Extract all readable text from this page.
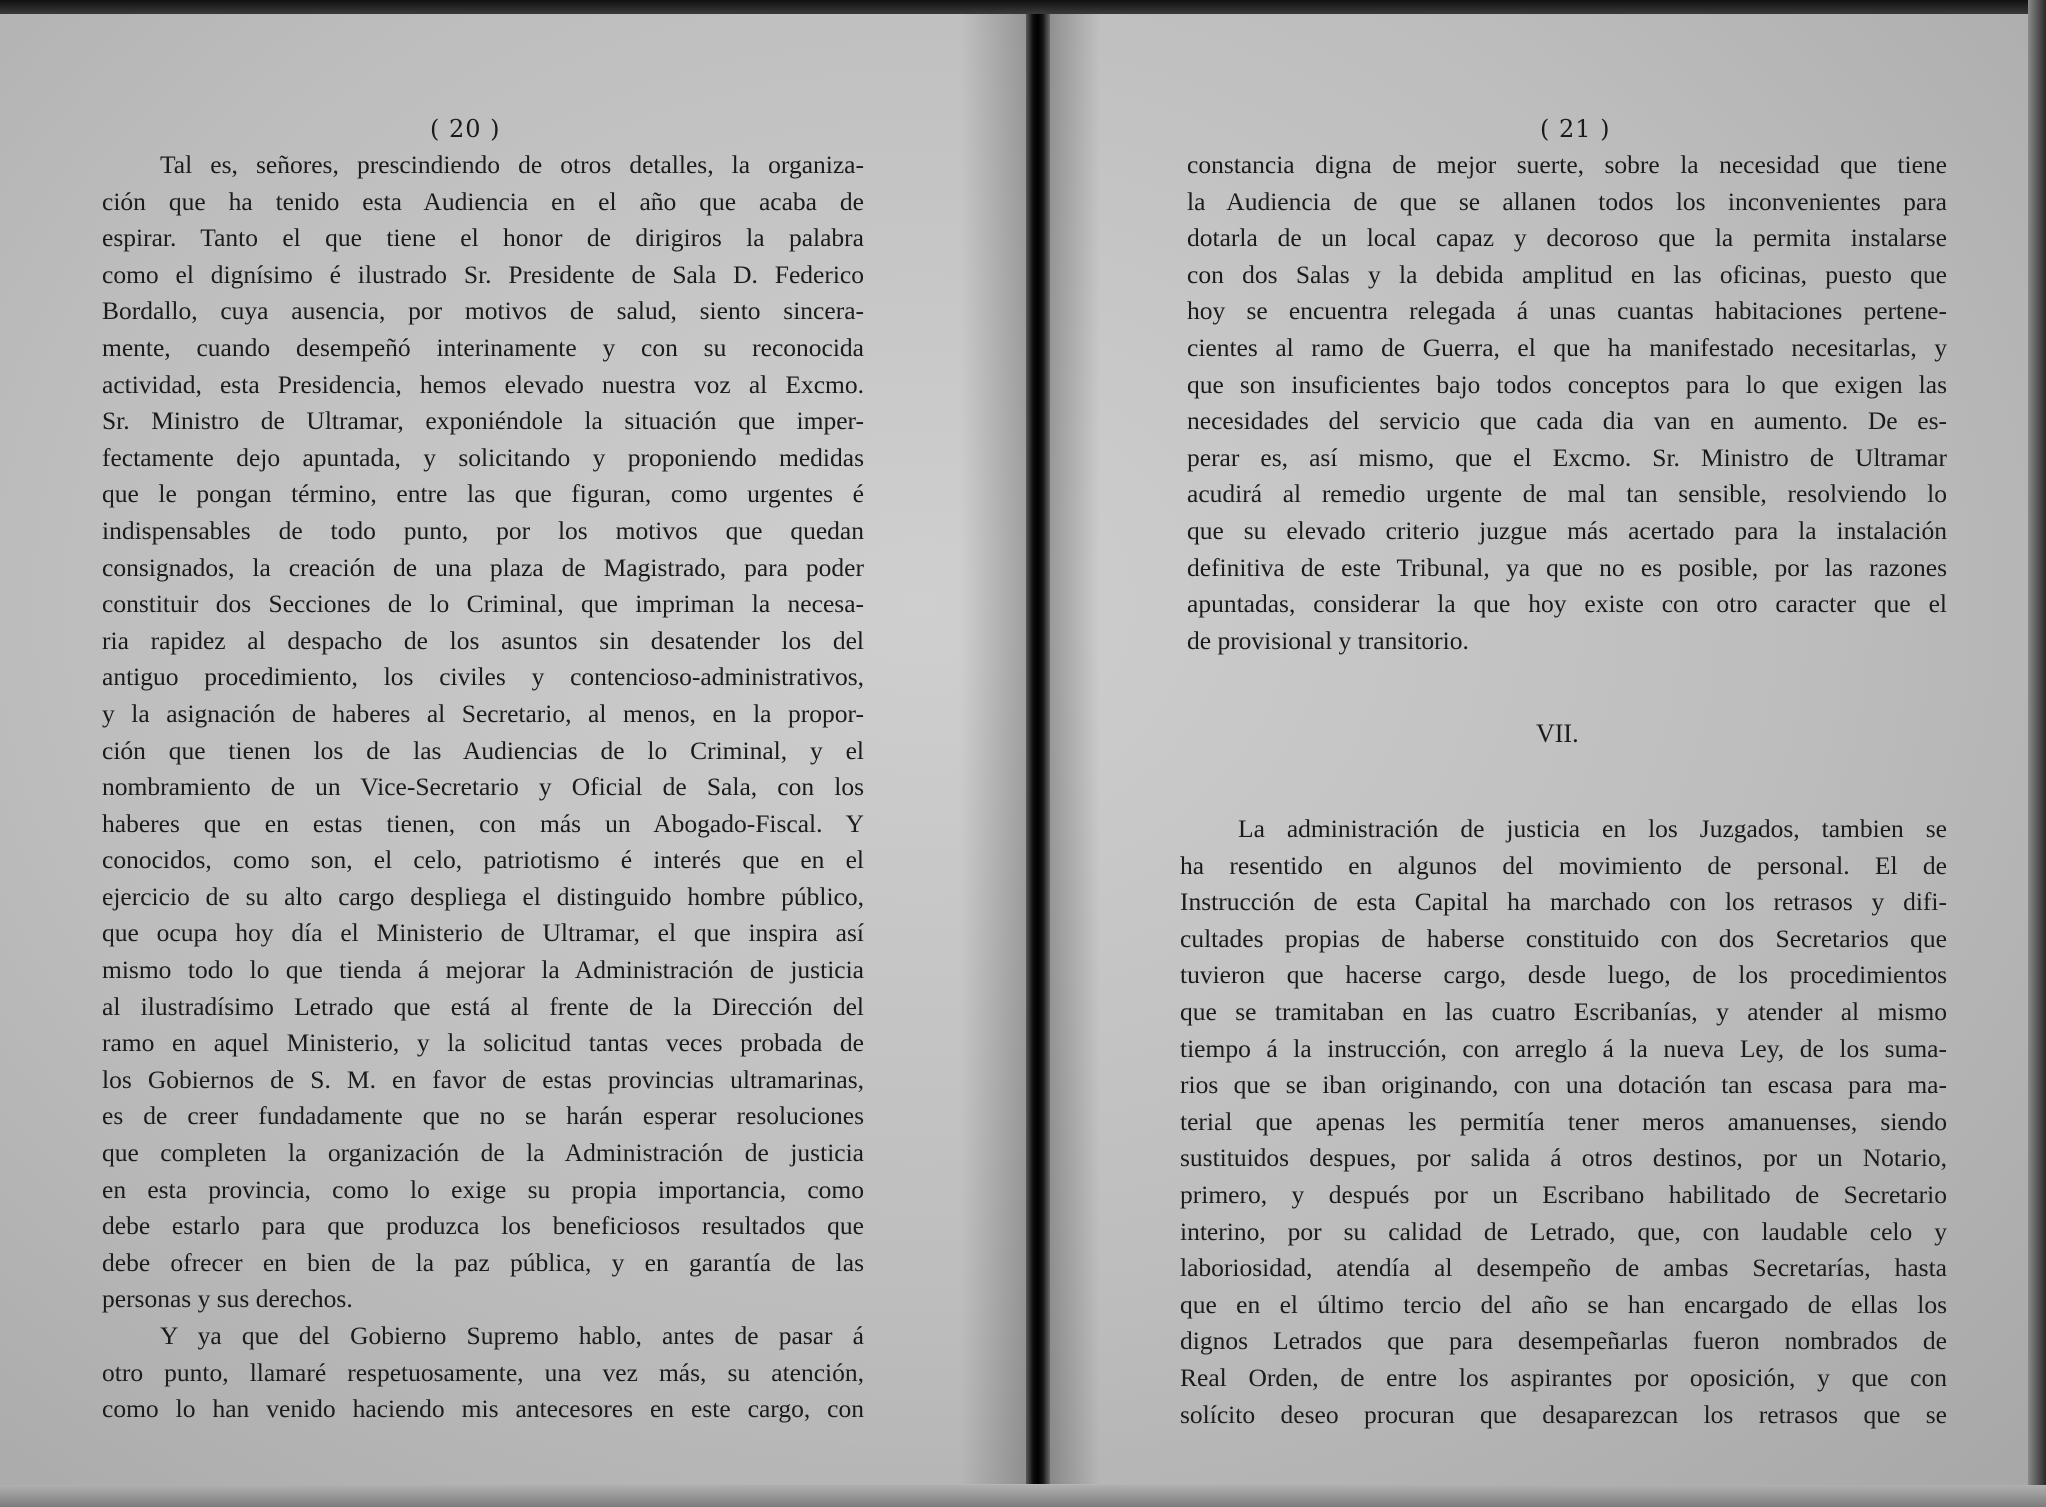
( 20 )	( 21 )
Tal es, señores, prescindiendo de otros detalles, la organiza-
ción que ha tenido esta Audiencia en el año que acaba de
espirar. Tanto el que tiene el honor de dirigiros la palabra
como el dignísimo é ilustrado Sr. Presidente de Sala D. Federico
Bordallo, cuya ausencia, por motivos de salud, siento sincera-
mente, cuando desempeñó interinamente y con su reconocida
actividad, esta Presidencia, hemos elevado nuestra voz al Excmo.
Sr. Ministro de Ultramar, exponiéndole la situación que imper-
fectamente dejo apuntada, y solicitando y proponiendo medidas
que le pongan término, entre las que figuran, como urgentes é
indispensables de todo punto, por los motivos que quedan
consignados, la creación de una plaza de Magistrado, para poder
constituir dos Secciones de lo Criminal, que impriman la necesa-
ria rapidez al despacho de los asuntos sin desatender los del
antiguo procedimiento, los civiles y contencioso-administrativos,
y la asignación de haberes al Secretario, al menos, en la propor-
ción que tienen los de las Audiencias de lo Criminal, y el
nombramiento de un Vice-Secretario y Oficial de Sala, con los
haberes que en estas tienen, con más un Abogado-Fiscal. Y
conocidos, como son, el celo, patriotismo é interés que en el
ejercicio de su alto cargo despliega el distinguido hombre público,
que ocupa hoy día el Ministerio de Ultramar, el que inspira así
mismo todo lo que tienda á mejorar la Administración de justicia
al ilustradísimo Letrado que está al frente de la Dirección del
ramo en aquel Ministerio, y la solicitud tantas veces probada de
los Gobiernos de S. M. en favor de estas provincias ultramarinas,
es de creer fundadamente que no se harán esperar resoluciones
que completen la organización de la Administración de justicia
en esta provincia, como lo exige su propia importancia, como
debe estarlo para que produzca los beneficiosos resultados que
debe ofrecer en bien de la paz pública, y en garantía de las
personas y sus derechos.
Y ya que del Gobierno Supremo hablo, antes de pasar á
otro punto, llamaré respetuosamente, una vez más, su atención,
como lo han venido haciendo mis antecesores en este cargo, con
constancia digna de mejor suerte, sobre la necesidad que tiene
la Audiencia de que se allanen todos los inconvenientes para
dotarla de un local capaz y decoroso que la permita instalarse
con dos Salas y la debida amplitud en las oficinas, puesto que
hoy se encuentra relegada á unas cuantas habitaciones pertene-
cientes al ramo de Guerra, el que ha manifestado necesitarlas, y
que son insuficientes bajo todos conceptos para lo que exigen las
necesidades del servicio que cada dia van en aumento. De es-
perar es, así mismo, que el Excmo. Sr. Ministro de Ultramar
acudirá al remedio urgente de mal tan sensible, resolviendo lo
que su elevado criterio juzgue más acertado para la instalación
definitiva de este Tribunal, ya que no es posible, por las razones
apuntadas, considerar la que hoy existe con otro caracter que el
de provisional y transitorio.
VII.
La administración de justicia en los Juzgados, tambien se
ha resentido en algunos del movimiento de personal. El de
Instrucción de esta Capital ha marchado con los retrasos y difi-
cultades propias de haberse constituido con dos Secretarios que
tuvieron que hacerse cargo, desde luego, de los procedimientos
que se tramitaban en las cuatro Escribanías, y atender al mismo
tiempo á la instrucción, con arreglo á la nueva Ley, de los suma-
rios que se iban originando, con una dotación tan escasa para ma-
terial que apenas les permitía tener meros amanuenses, siendo
sustituidos despues, por salida á otros destinos, por un Notario,
primero, y después por un Escribano habilitado de Secretario
interino, por su calidad de Letrado, que, con laudable celo y
laboriosidad, atendía al desempeño de ambas Secretarías, hasta
que en el último tercio del año se han encargado de ellas los
dignos Letrados que para desempeñarlas fueron nombrados de
Real Orden, de entre los aspirantes por oposición, y que con
solícito deseo procuran que desaparezcan los retrasos que se
